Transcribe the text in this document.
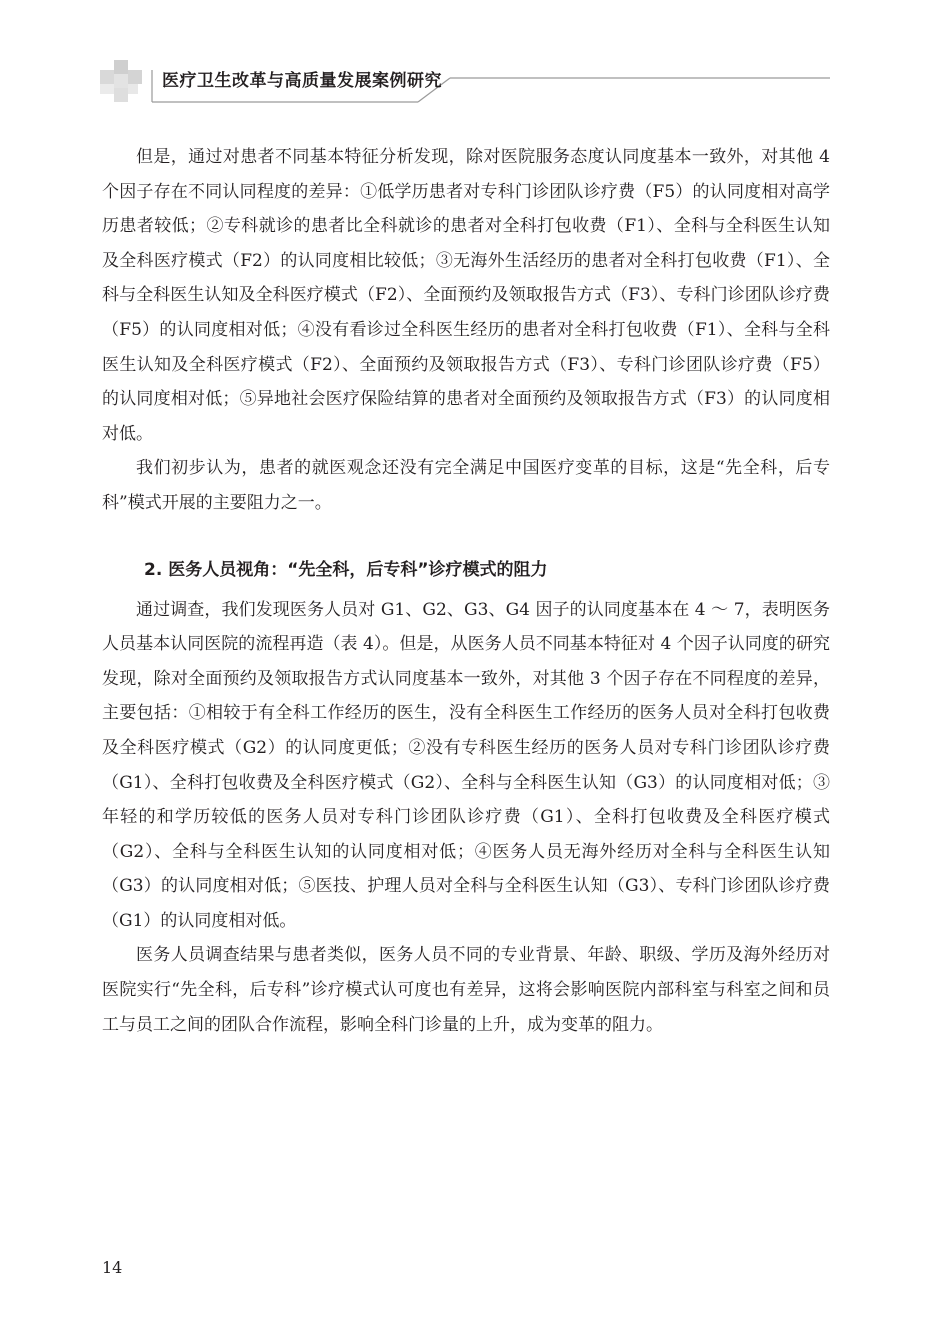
医疗卫生改革与高质量发展案例研究

但是，通过对患者不同基本特征分析发现，除对医院服务态度认同度基本一致外，对其他 4 个因子存在不同认同程度的差异：①低学历患者对专科门诊团队诊疗费（F5）的认同度相对高学历患者较低；②专科就诊的患者比全科就诊的患者对全科打包收费（F1）、全科与全科医生认知及全科医疗模式（F2）的认同度相比较低；③无海外生活经历的患者对全科打包收费（F1）、全科与全科医生认知及全科医疗模式（F2）、全面预约及领取报告方式（F3）、专科门诊团队诊疗费（F5）的认同度相对低；④没有看诊过全科医生经历的患者对全科打包收费（F1）、全科与全科医生认知及全科医疗模式（F2）、全面预约及领取报告方式（F3）、专科门诊团队诊疗费（F5）的认同度相对低；⑤异地社会医疗保险结算的患者对全面预约及领取报告方式（F3）的认同度相对低。

我们初步认为，患者的就医观念还没有完全满足中国医疗变革的目标，这是“先全科，后专科”模式开展的主要阻力之一。

2. 医务人员视角：“先全科，后专科”诊疗模式的阻力

通过调查，我们发现医务人员对 G1、G2、G3、G4 因子的认同度基本在 4 ～ 7，表明医务人员基本认同医院的流程再造（表 4）。但是，从医务人员不同基本特征对 4 个因子认同度的研究发现，除对全面预约及领取报告方式认同度基本一致外，对其他 3 个因子存在不同程度的差异，主要包括：①相较于有全科工作经历的医生，没有全科医生工作经历的医务人员对全科打包收费及全科医疗模式（G2）的认同度更低；②没有专科医生经历的医务人员对专科门诊团队诊疗费（G1）、全科打包收费及全科医疗模式（G2）、全科与全科医生认知（G3）的认同度相对低；③年轻的和学历较低的医务人员对专科门诊团队诊疗费（G1）、全科打包收费及全科医疗模式（G2）、全科与全科医生认知的认同度相对低；④医务人员无海外经历对全科与全科医生认知（G3）的认同度相对低；⑤医技、护理人员对全科与全科医生认知（G3）、专科门诊团队诊疗费（G1）的认同度相对低。

医务人员调查结果与患者类似，医务人员不同的专业背景、年龄、职级、学历及海外经历对医院实行“先全科，后专科”诊疗模式认可度也有差异，这将会影响医院内部科室与科室之间和员工与员工之间的团队合作流程，影响全科门诊量的上升，成为变革的阻力。

14
